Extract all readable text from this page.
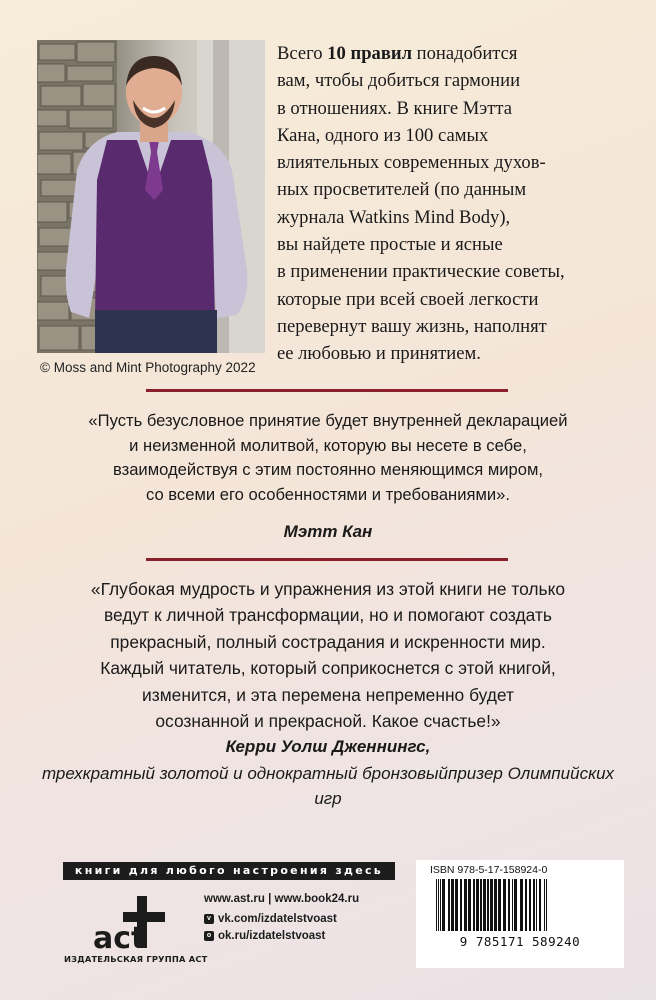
© Moss and Mint Photography 2022
Всего 10 правил понадобится
вам, чтобы добиться гармонии
в отношениях. В книге Мэтта
Кана, одного из 100 самых
влиятельных современных духов-
ных просветителей (по данным
журнала Watkins Mind Body),
вы найдете простые и ясные
в применении практические советы,
которые при всей своей легкости
перевернут вашу жизнь, наполнят
ее любовью и принятием.
«Пусть безусловное принятие будет внутренней декларацией
и неизменной молитвой, которую вы несете в себе,
взаимодействуя с этим постоянно меняющимся миром,
со всеми его особенностями и требованиями».
Мэтт Кан
«Глубокая мудрость и упражнения из этой книги не только
ведут к личной трансформации, но и помогают создать
прекрасный, полный сострадания и искренности мир.
Каждый читатель, который соприкоснется с этой книгой,
изменится, и эта перемена непременно будет
осознанной и прекрасной. Какое счастье!»
Керри Уолш Дженнингс,
трехкратный золотой и однократный бронзовыйпризер Олимпийских игр
книги для любого настроения здесь
act
ИЗДАТЕЛЬСКАЯ ГРУППА АСТ
www.ast.ru | www.book24.ru
v vk.com/izdatelstvoast
o ok.ru/izdatelstvoast
ISBN 978-5-17-158924-0
9 785171 589240
